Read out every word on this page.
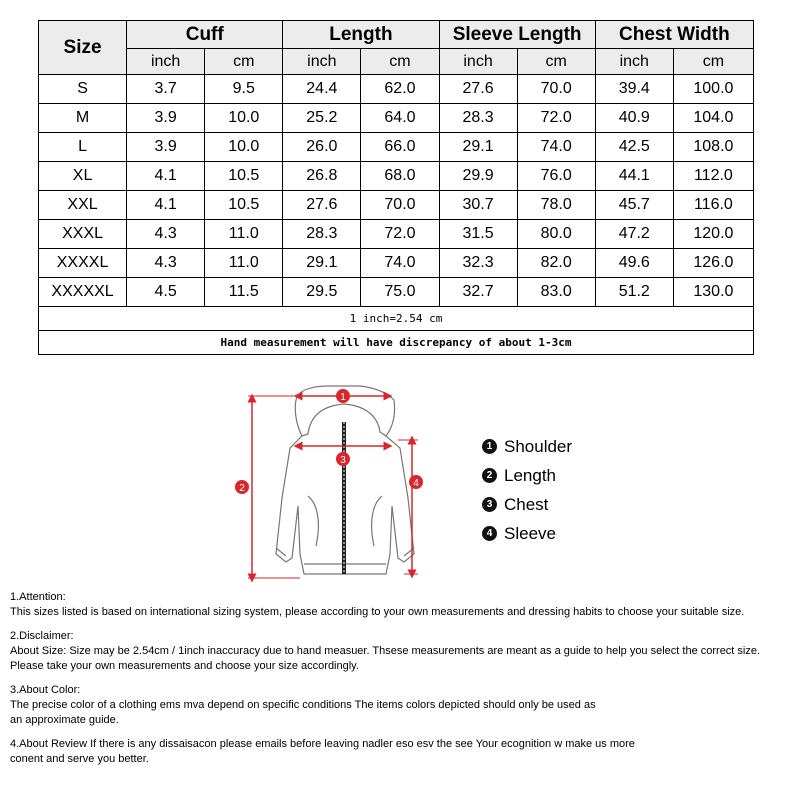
Size	Cuff		Length		Sleeve Length		Chest Width	
	inch	cm	inch	cm	inch	cm	inch	cm
S	3.7	9.5	24.4	62.0	27.6	70.0	39.4	100.0
M	3.9	10.0	25.2	64.0	28.3	72.0	40.9	104.0
L	3.9	10.0	26.0	66.0	29.1	74.0	42.5	108.0
XL	4.1	10.5	26.8	68.0	29.9	76.0	44.1	112.0
XXL	4.1	10.5	27.6	70.0	30.7	78.0	45.7	116.0
XXXL	4.3	11.0	28.3	72.0	31.5	80.0	47.2	120.0
XXXXL	4.3	11.0	29.1	74.0	32.3	82.0	49.6	126.0
XXXXXL	4.5	11.5	29.5	75.0	32.7	83.0	51.2	130.0
1 inch=2.54 cm								
Hand measurement will have discrepancy of about 1-3cm								
1
2
3
4
1 Shoulder
2 Length
3 Chest
4 Sleeve
1.Attention:
This sizes listed is based on international sizing system, please according to your own measurements and dressing habits to choose your suitable size.
2.Disclaimer:
About Size: Size may be 2.54cm / 1inch inaccuracy due to hand measuer. Thsese measurements are meant as a guide to help you select the correct size.
Please take your own measurements and choose your size accordingly.
3.About Color:
The precise color of a clothing ems mva depend on specific conditions The items colors depicted should only be used as
an approximate guide.
4.About Review If there is any dissaisacon please emails before leaving nadler eso esv the see Your ecognition w make us more
conent and serve you better.
